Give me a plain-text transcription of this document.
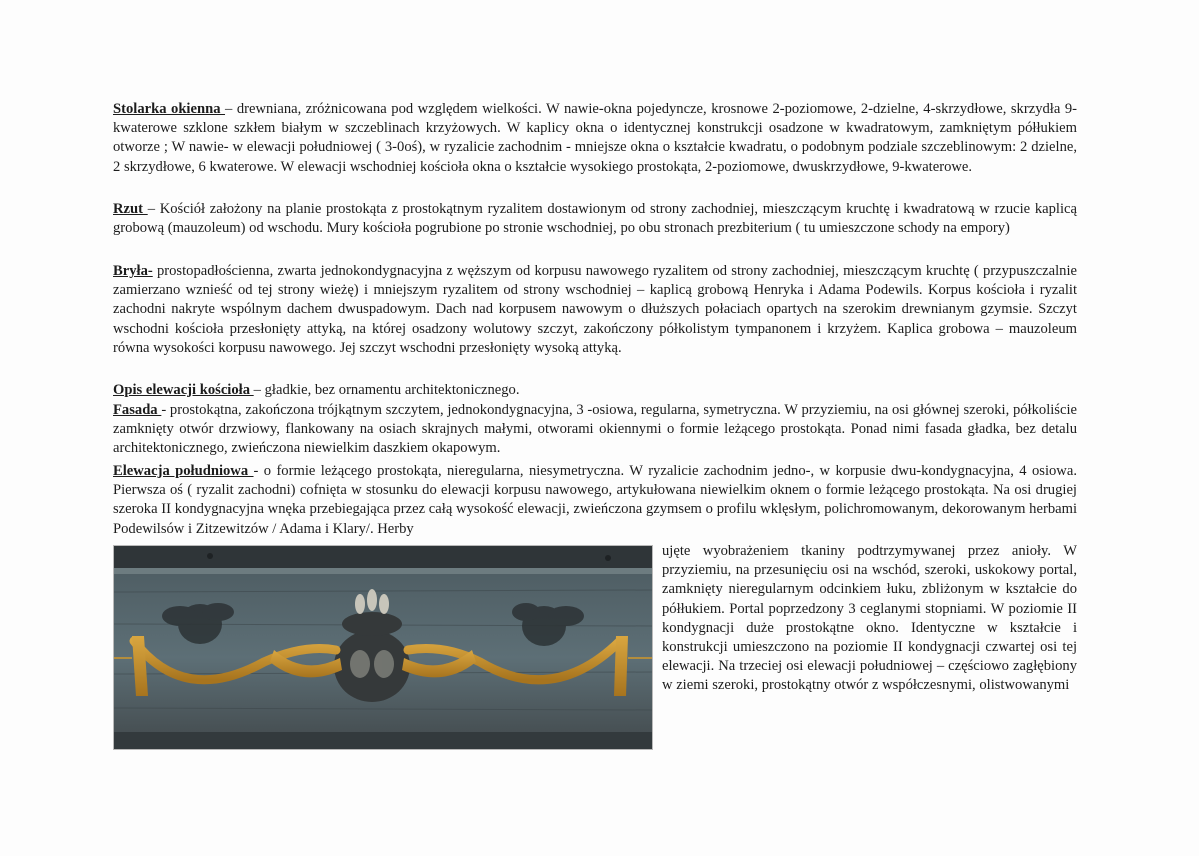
Stolarka okienna – drewniana, zróżnicowana pod względem wielkości. W nawie-okna pojedyncze, krosnowe 2-poziomowe, 2-dzielne, 4-skrzydłowe, skrzydła 9-kwaterowe szklone szkłem białym w szczeblinach krzyżowych. W kaplicy okna o identycznej konstrukcji osadzone w kwadratowym, zamkniętym półłukiem otworze ; W nawie- w elewacji południowej ( 3-0oś), w ryzalicie zachodnim - mniejsze okna o kształcie kwadratu, o podobnym podziale szczeblinowym: 2 dzielne, 2 skrzydłowe, 6 kwaterowe. W elewacji wschodniej kościoła okna o kształcie wysokiego prostokąta, 2-poziomowe, dwuskrzydłowe, 9-kwaterowe.

Rzut – Kościół założony na planie prostokąta z prostokątnym ryzalitem dostawionym od strony zachodniej, mieszczącym kruchtę i kwadratową w rzucie kaplicą grobową (mauzoleum) od wschodu. Mury kościoła pogrubione po stronie wschodniej, po obu stronach prezbiterium ( tu umieszczone schody na empory)

Bryła- prostopadłościenna, zwarta jednokondygnacyjna z węższym od korpusu nawowego ryzalitem od strony zachodniej, mieszczącym kruchtę ( przypuszczalnie zamierzano wznieść od tej strony wieżę) i mniejszym ryzalitem od strony wschodniej – kaplicą grobową Henryka i Adama Podewils. Korpus kościoła i ryzalit zachodni nakryte wspólnym dachem dwuspadowym. Dach nad korpusem nawowym o dłuższych połaciach opartych na szerokim drewnianym gzymsie. Szczyt wschodni kościoła przesłonięty attyką, na której osadzony wolutowy szczyt, zakończony półkolistym tympanonem i krzyżem. Kaplica grobowa – mauzoleum równa wysokości korpusu nawowego. Jej szczyt wschodni przesłonięty wysoką attyką.

Opis elewacji kościoła – gładkie, bez ornamentu architektonicznego.

Fasada - prostokątna, zakończona trójkątnym szczytem, jednokondygnacyjna, 3 -osiowa, regularna, symetryczna. W przyziemiu, na osi głównej szeroki, półkoliście zamknięty otwór drzwiowy, flankowany na osiach skrajnych małymi, otworami okiennymi o formie leżącego prostokąta. Ponad nimi fasada gładka, bez detalu architektonicznego, zwieńczona niewielkim daszkiem okapowym.

Elewacja południowa - o formie leżącego prostokąta, nieregularna, niesymetryczna. W ryzalicie zachodnim jedno-, w korpusie dwu-kondygnacyjna, 4 osiowa. Pierwsza oś ( ryzalit zachodni) cofnięta w stosunku do elewacji korpusu nawowego, artykułowana niewielkim oknem o formie leżącego prostokąta. Na osi drugiej szeroka II kondygnacyjna wnęka przebiegająca przez całą wysokość elewacji, zwieńczona gzymsem o profilu wklęsłym, polichromowanym, dekorowanym herbami Podewilsów i Zitzewitzów / Adama i Klary/. Herby

ujęte wyobrażeniem tkaniny podtrzymywanej przez anioły. W przyziemiu, na przesunięciu osi na wschód, szeroki, uskokowy portal, zamknięty nieregularnym odcinkiem łuku, zbliżonym w kształcie do półłukiem. Portal poprzedzony 3 ceglanymi stopniami. W poziomie II kondygnacji duże prostokątne okno. Identyczne w kształcie i konstrukcji umieszczono na poziomie II kondygnacji czwartej osi tej elewacji. Na trzeciej osi elewacji południowej – częściowo zagłębiony w ziemi szeroki, prostokątny otwór z współczesnymi, olistwowanymi
